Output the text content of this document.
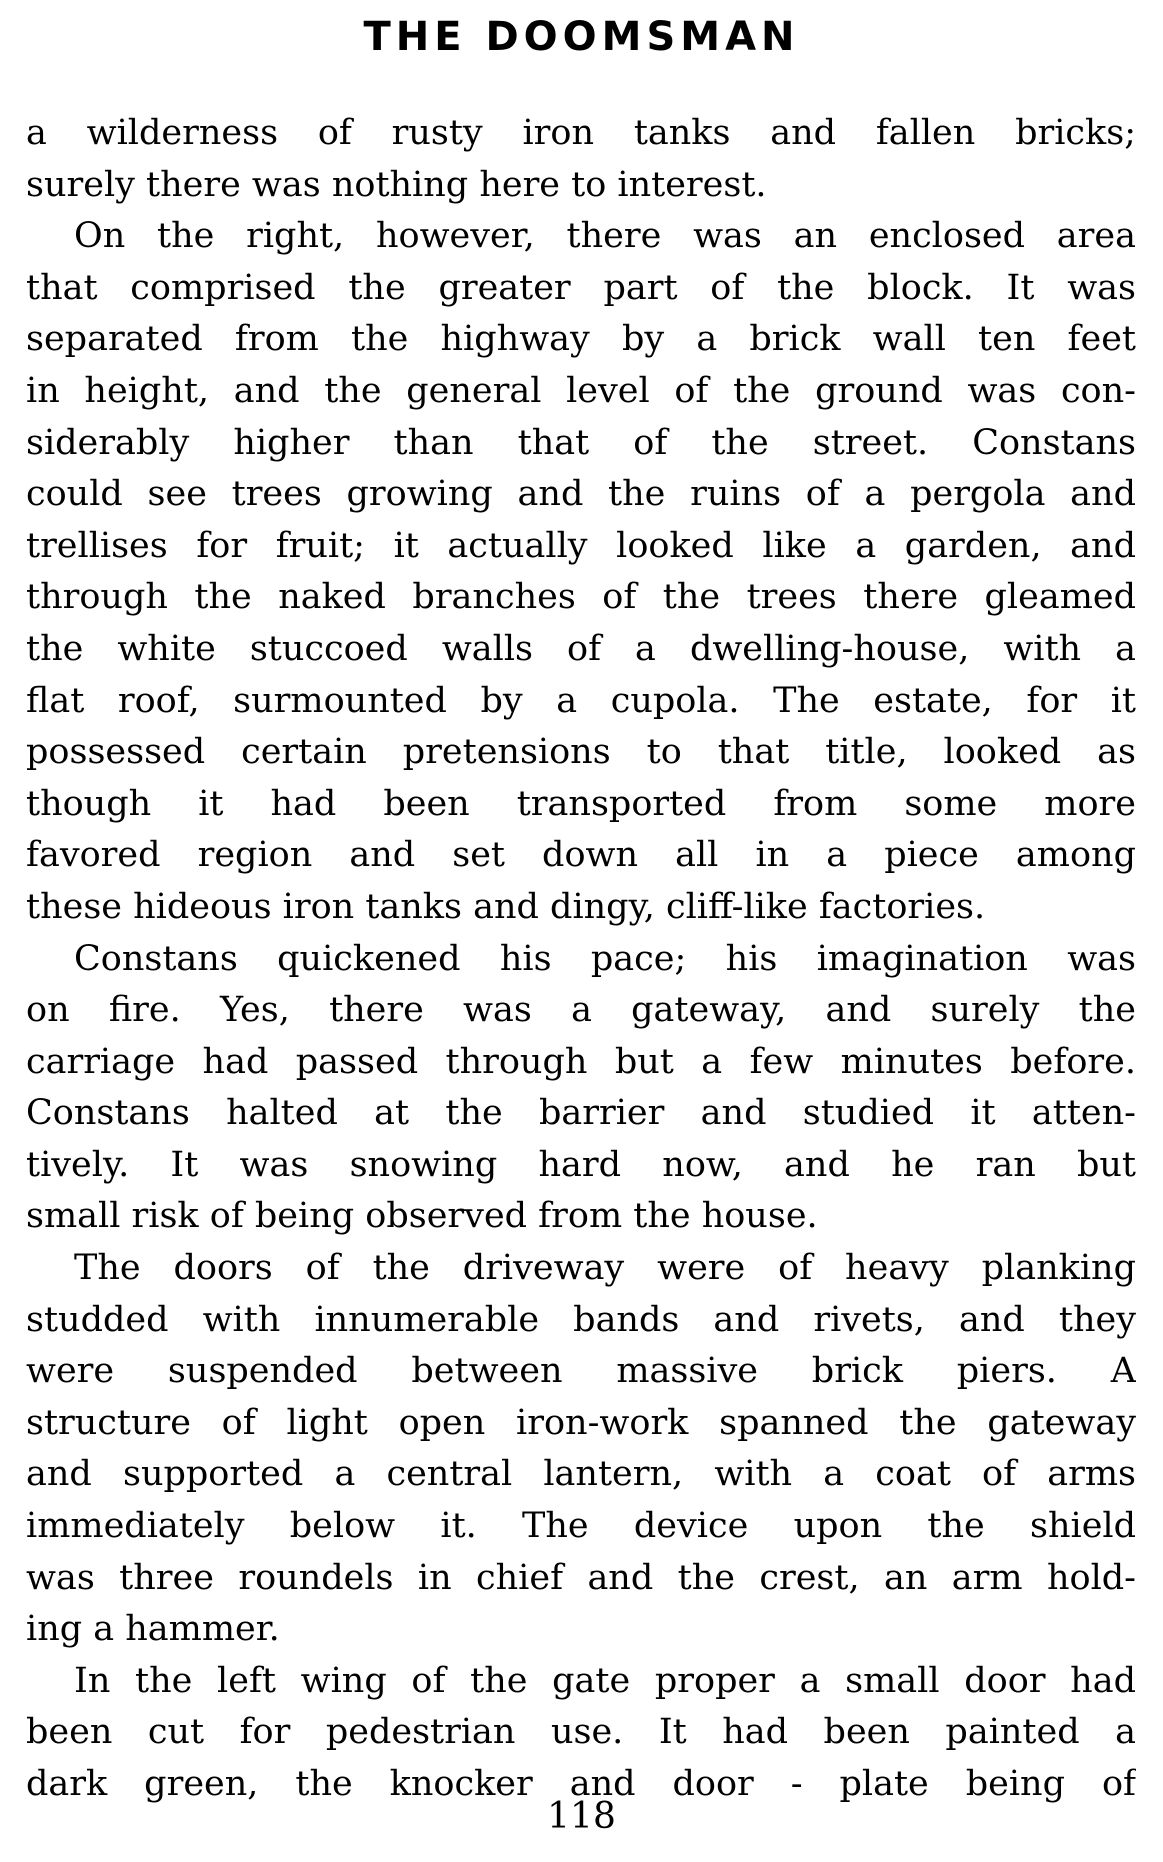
THE DOOMSMAN
a wilderness of rusty iron tanks and fallen bricks;
surely there was nothing here to interest.
On the right, however, there was an enclosed area
that comprised the greater part of the block. It was
separated from the highway by a brick wall ten feet
in height, and the general level of the ground was con-
siderably higher than that of the street. Constans
could see trees growing and the ruins of a pergola and
trellises for fruit; it actually looked like a garden, and
through the naked branches of the trees there gleamed
the white stuccoed walls of a dwelling-house, with a
flat roof, surmounted by a cupola. The estate, for it
possessed certain pretensions to that title, looked as
though it had been transported from some more
favored region and set down all in a piece among
these hideous iron tanks and dingy, cliff-like factories.
Constans quickened his pace; his imagination was
on fire. Yes, there was a gateway, and surely the
carriage had passed through but a few minutes before.
Constans halted at the barrier and studied it atten-
tively. It was snowing hard now, and he ran but
small risk of being observed from the house.
The doors of the driveway were of heavy planking
studded with innumerable bands and rivets, and they
were suspended between massive brick piers. A
structure of light open iron-work spanned the gateway
and supported a central lantern, with a coat of arms
immediately below it. The device upon the shield
was three roundels in chief and the crest, an arm hold-
ing a hammer.
In the left wing of the gate proper a small door had
been cut for pedestrian use. It had been painted a
dark green, the knocker and door - plate being of
118
